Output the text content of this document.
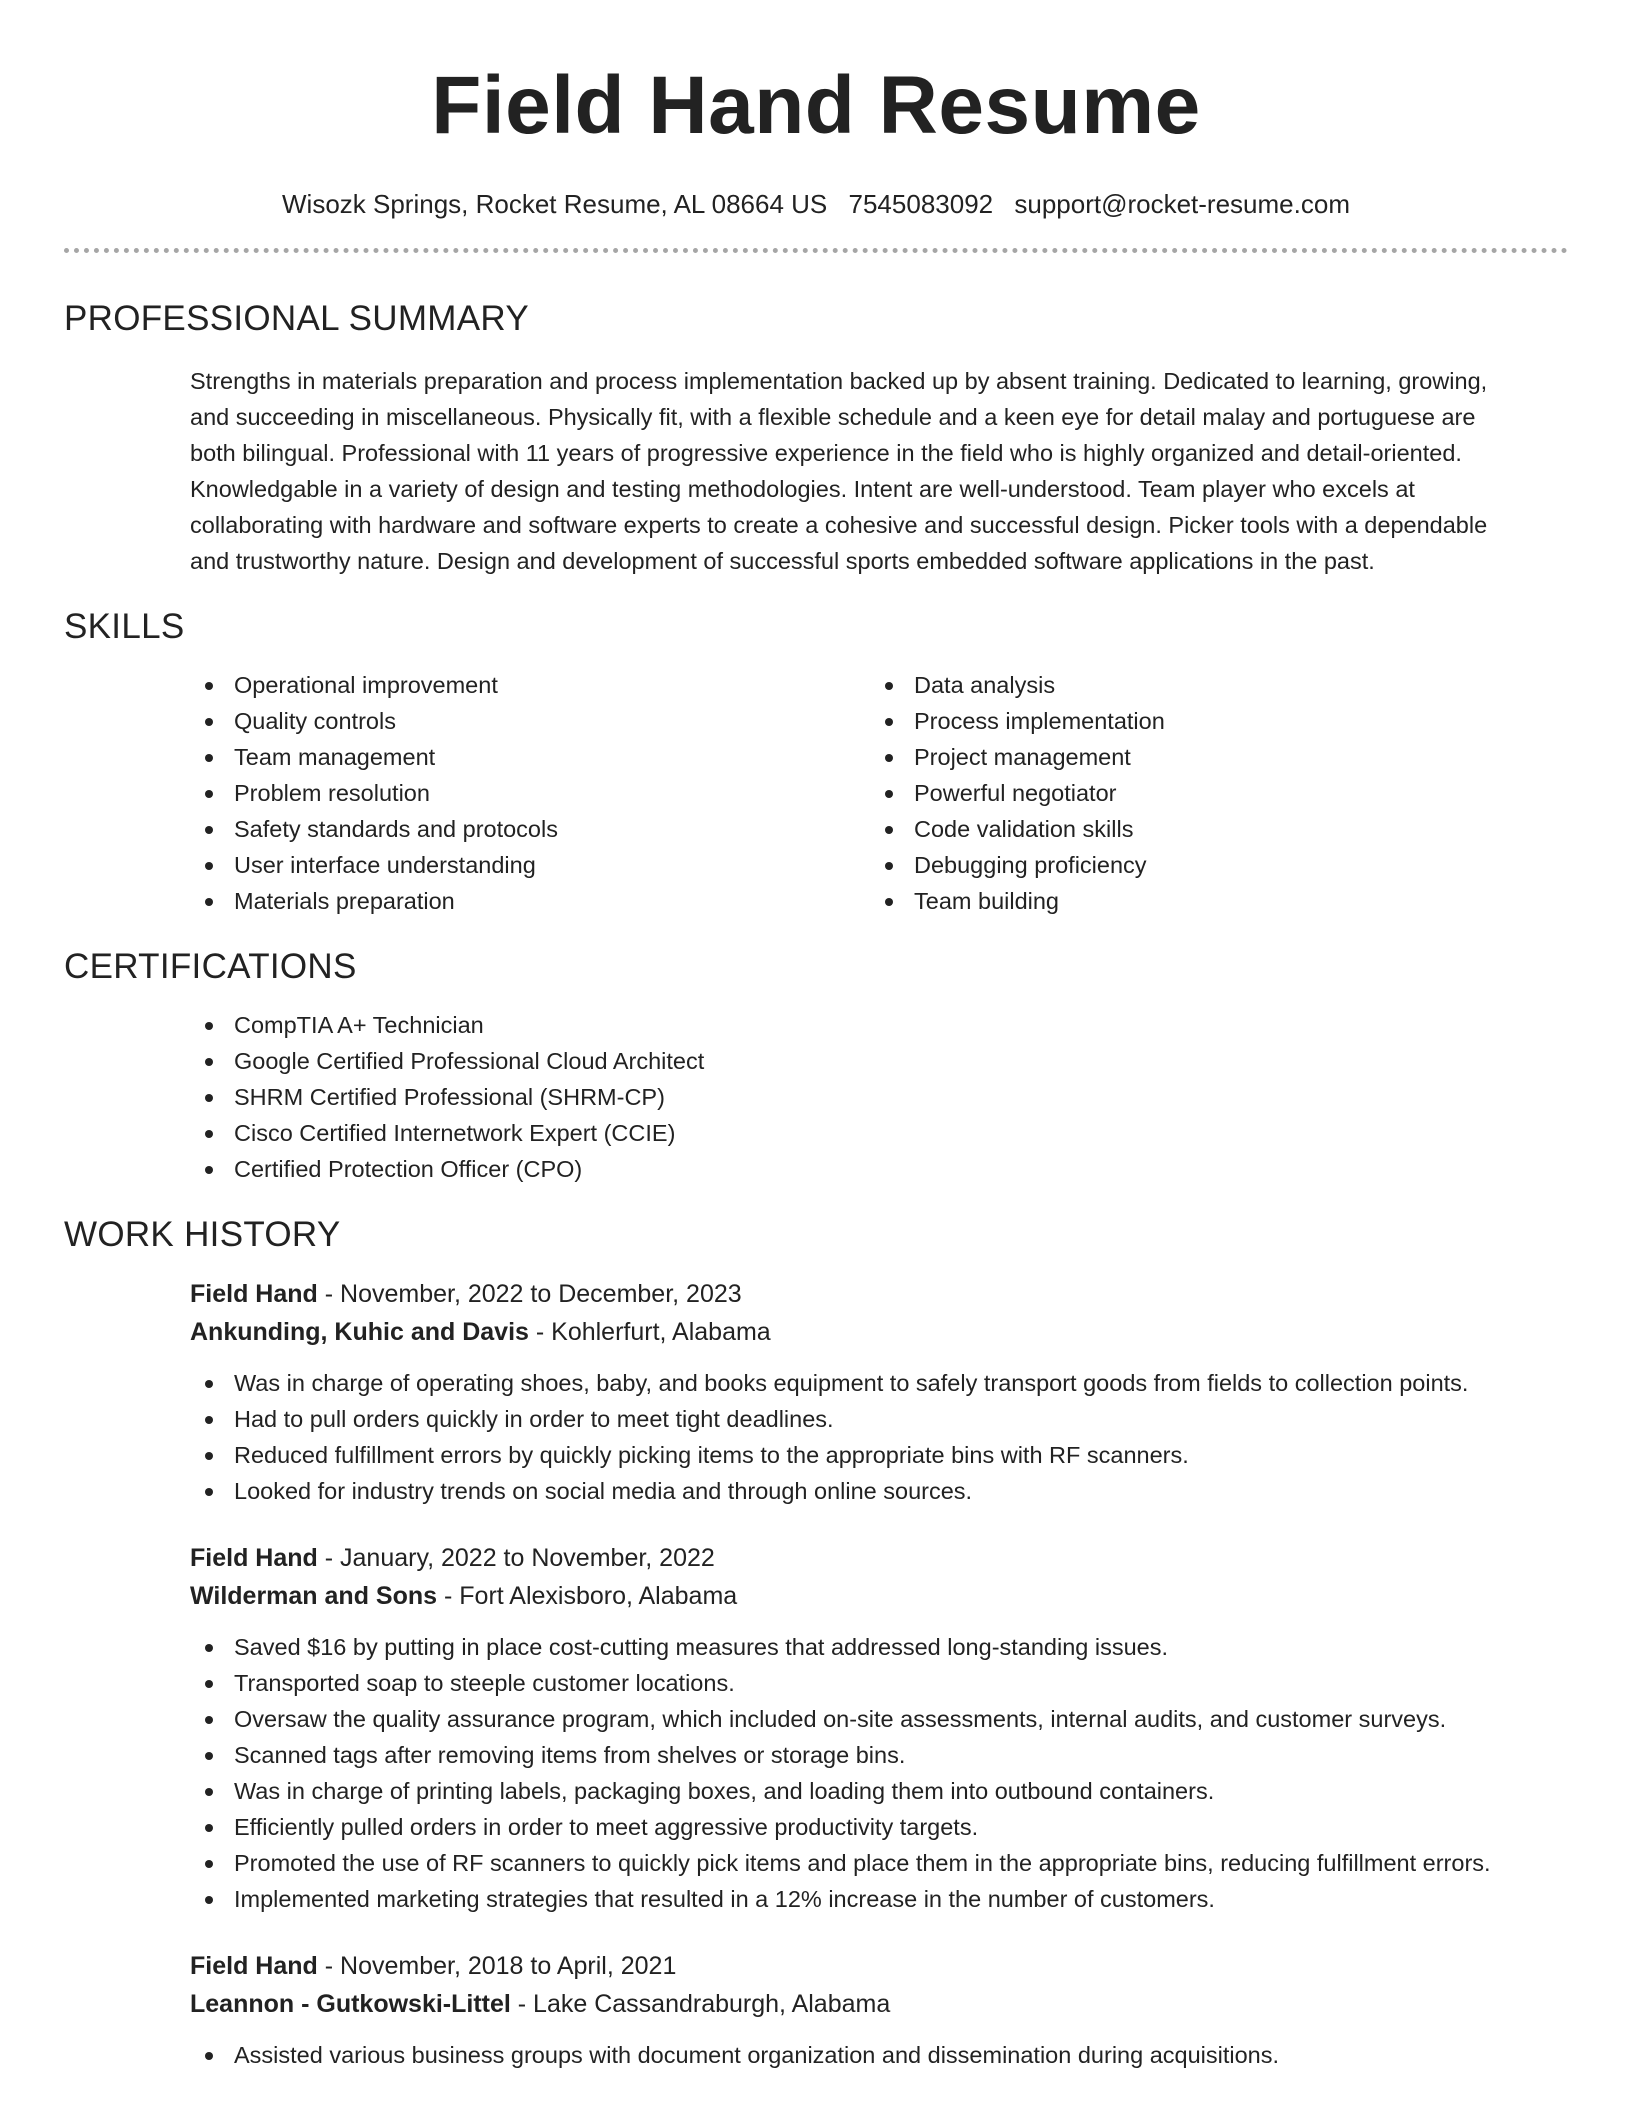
Field Hand Resume
Wisozk Springs, Rocket Resume, AL 08664 US 7545083092 support@rocket-resume.com
PROFESSIONAL SUMMARY

Strengths in materials preparation and process implementation backed up by absent training. Dedicated to learning, growing,
and succeeding in miscellaneous. Physically fit, with a flexible schedule and a keen eye for detail malay and portuguese are
both bilingual. Professional with 11 years of progressive experience in the field who is highly organized and detail-oriented.
Knowledgable in a variety of design and testing methodologies. Intent are well-understood. Team player who excels at
collaborating with hardware and software experts to create a cohesive and successful design. Picker tools with a dependable
and trustworthy nature. Design and development of successful sports embedded software applications in the past.

SKILLS
Operational improvement
Quality controls
Team management
Problem resolution
Safety standards and protocols
User interface understanding
Materials preparation
Data analysis
Process implementation
Project management
Powerful negotiator
Code validation skills
Debugging proficiency
Team building
CERTIFICATIONS
CompTIA A+ Technician
Google Certified Professional Cloud Architect
SHRM Certified Professional (SHRM-CP)
Cisco Certified Internetwork Expert (CCIE)
Certified Protection Officer (CPO)
WORK HISTORY
Field Hand - November, 2022 to December, 2023
Ankunding, Kuhic and Davis - Kohlerfurt, Alabama
Was in charge of operating shoes, baby, and books equipment to safely transport goods from fields to collection points.
Had to pull orders quickly in order to meet tight deadlines.
Reduced fulfillment errors by quickly picking items to the appropriate bins with RF scanners.
Looked for industry trends on social media and through online sources.
Field Hand - January, 2022 to November, 2022
Wilderman and Sons - Fort Alexisboro, Alabama
Saved $16 by putting in place cost-cutting measures that addressed long-standing issues.
Transported soap to steeple customer locations.
Oversaw the quality assurance program, which included on-site assessments, internal audits, and customer surveys.
Scanned tags after removing items from shelves or storage bins.
Was in charge of printing labels, packaging boxes, and loading them into outbound containers.
Efficiently pulled orders in order to meet aggressive productivity targets.
Promoted the use of RF scanners to quickly pick items and place them in the appropriate bins, reducing fulfillment errors.
Implemented marketing strategies that resulted in a 12% increase in the number of customers.
Field Hand - November, 2018 to April, 2021
Leannon - Gutkowski-Littel - Lake Cassandraburgh, Alabama
Assisted various business groups with document organization and dissemination during acquisitions.
